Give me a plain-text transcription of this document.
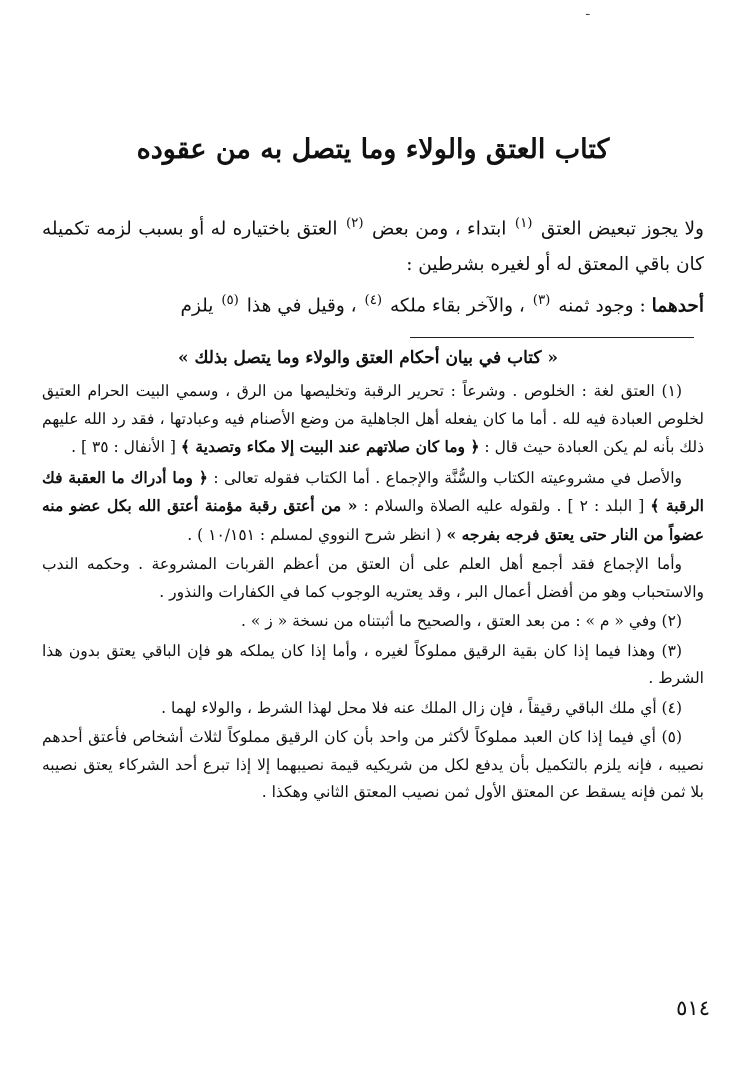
ـ
كتاب العتق والولاء وما يتصل به من عقوده

ولا يجوز تبعيض العتق $^{(١)}$ ابتداء ، ومن بعض $^{(٢)}$ العتق باختياره له أو بسبب لزمه تكميله كان باقي المعتق له أو لغيره بشرطين :

أحدهما : وجود ثمنه $^{(٣)}$ ، والآخر بقاء ملكه $^{(٤)}$ ، وقيل في هذا $^{(٥)}$ يلزم

« كتاب في بيان أحكام العتق والولاء وما يتصل بذلك »

(١) العتق لغة : الخلوص . وشرعاً : تحرير الرقبة وتخليصها من الرق ، وسمي البيت الحرام العتيق لخلوص العبادة فيه لله . أما ما كان يفعله أهل الجاهلية من وضع الأصنام فيه وعبادتها ، فقد رد الله عليهم ذلك بأنه لم يكن العبادة حيث قال : ﴿ وما كان صلاتهم عند البيت إلا مكاء وتصدية ﴾ [ الأنفال : ٣٥ ] .

والأصل في مشروعيته الكتاب والسُّنَّة والإجماع . أما الكتاب فقوله تعالى : ﴿ وما أدراك ما العقبة فك الرقبة ﴾ [ البلد : ٢ ] . ولقوله عليه الصلاة والسلام : « من أعتق رقبة مؤمنة أعتق الله بكل عضو منه عضواً من النار حتى يعتق فرجه بفرجه » ( انظر شرح النووي لمسلم : ١٠/١٥١ ) .

وأما الإجماع فقد أجمع أهل العلم على أن العتق من أعظم القربات المشروعة . وحكمه الندب والاستحباب وهو من أفضل أعمال البر ، وقد يعتريه الوجوب كما في الكفارات والنذور .

(٢) وفي « م » : من بعد العتق ، والصحيح ما أثبتناه من نسخة « ز » .

(٣) وهذا فيما إذا كان بقية الرقيق مملوكاً لغيره ، وأما إذا كان يملكه هو فإن الباقي يعتق بدون هذا الشرط .

(٤) أي ملك الباقي رقيقاً ، فإن زال الملك عنه فلا محل لهذا الشرط ، والولاء لهما .

(٥) أي فيما إذا كان العبد مملوكاً لأكثر من واحد بأن كان الرقيق مملوكاً لثلاث أشخاص فأعتق أحدهم نصيبه ، فإنه يلزم بالتكميل بأن يدفع لكل من شريكيه قيمة نصيبهما إلا إذا تبرع أحد الشركاء يعتق نصيبه بلا ثمن فإنه يسقط عن المعتق الأول ثمن نصيب المعتق الثاني وهكذا .

٥١٤
